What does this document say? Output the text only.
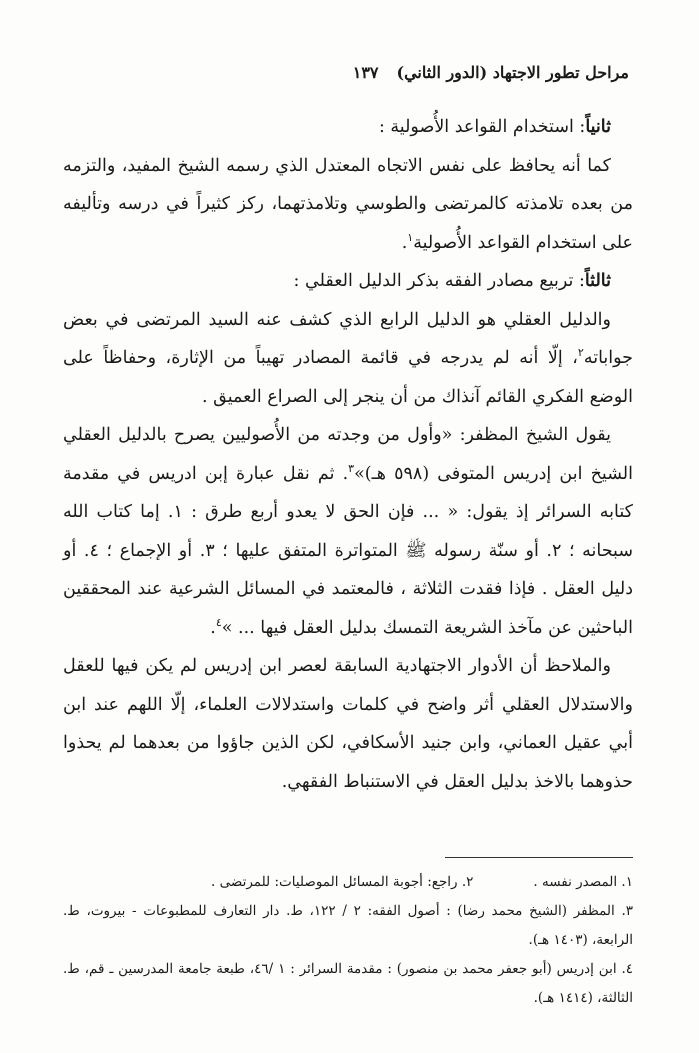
مراحل تطور الاجتهاد (الدور الثاني)
١٣٧

ثانياً: استخدام القواعد الأُصولية :

كما أنه يحافظ على نفس الاتجاه المعتدل الذي رسمه الشيخ المفيد، والتزمه من بعده تلامذته كالمرتضى والطوسي وتلامذتهما، ركز كثيراً في درسه وتأليفه على استخدام القواعد الأُصولية$^١$.

ثالثاً: تربيع مصادر الفقه بذكر الدليل العقلي :

والدليل العقلي هو الدليل الرابع الذي كشف عنه السيد المرتضى في بعض جواباته$^٢$، إلّا أنه لم يدرجه في قائمة المصادر تهيباً من الإثارة، وحفاظاً على الوضع الفكري القائم آنذاك من أن ينجر إلى الصراع العميق .

يقول الشيخ المظفر: «وأول من وجدته من الأُصوليين يصرح بالدليل العقلي الشيخ ابن إدريس المتوفى (٥٩٨ هـ)»$^٣$. ثم نقل عبارة إبن ادريس في مقدمة كتابه السرائر إذ يقول: « ... فإن الحق لا يعدو أربع طرق : ١. إما كتاب الله سبحانه ؛ ٢. أو سنّة رسوله ﷺ المتواترة المتفق عليها ؛ ٣. أو الإجماع ؛ ٤. أو دليل العقل . فإذا فقدت الثلاثة ، فالمعتمد في المسائل الشرعية عند المحققين الباحثين عن مآخذ الشريعة التمسك بدليل العقل فيها ... »$^٤$.

والملاحظ أن الأدوار الاجتهادية السابقة لعصر ابن إدريس لم يكن فيها للعقل والاستدلال العقلي أثر واضح في كلمات واستدلالات العلماء، إلّا اللهم عند ابن أبي عقيل العماني، وابن جنيد الأسكافي، لكن الذين جاؤوا من بعدهما لم يحذوا حذوهما بالاخذ بدليل العقل في الاستنباط الفقهي.

١. المصدر نفسه .
٢. راجع: أجوبة المسائل الموصليات: للمرتضى .

٣. المظفر (الشيخ محمد رضا) : أصول الفقه: ٢ / ١٢٢، ط. دار التعارف للمطبوعات - بيروت، ط. الرابعة، (١٤٠٣ هـ).

٤. ابن إدريس (أبو جعفر محمد بن منصور) : مقدمة السرائر : ١ /٤٦، طبعة جامعة المدرسين ـ قم، ط. الثالثة، (١٤١٤ هـ).
